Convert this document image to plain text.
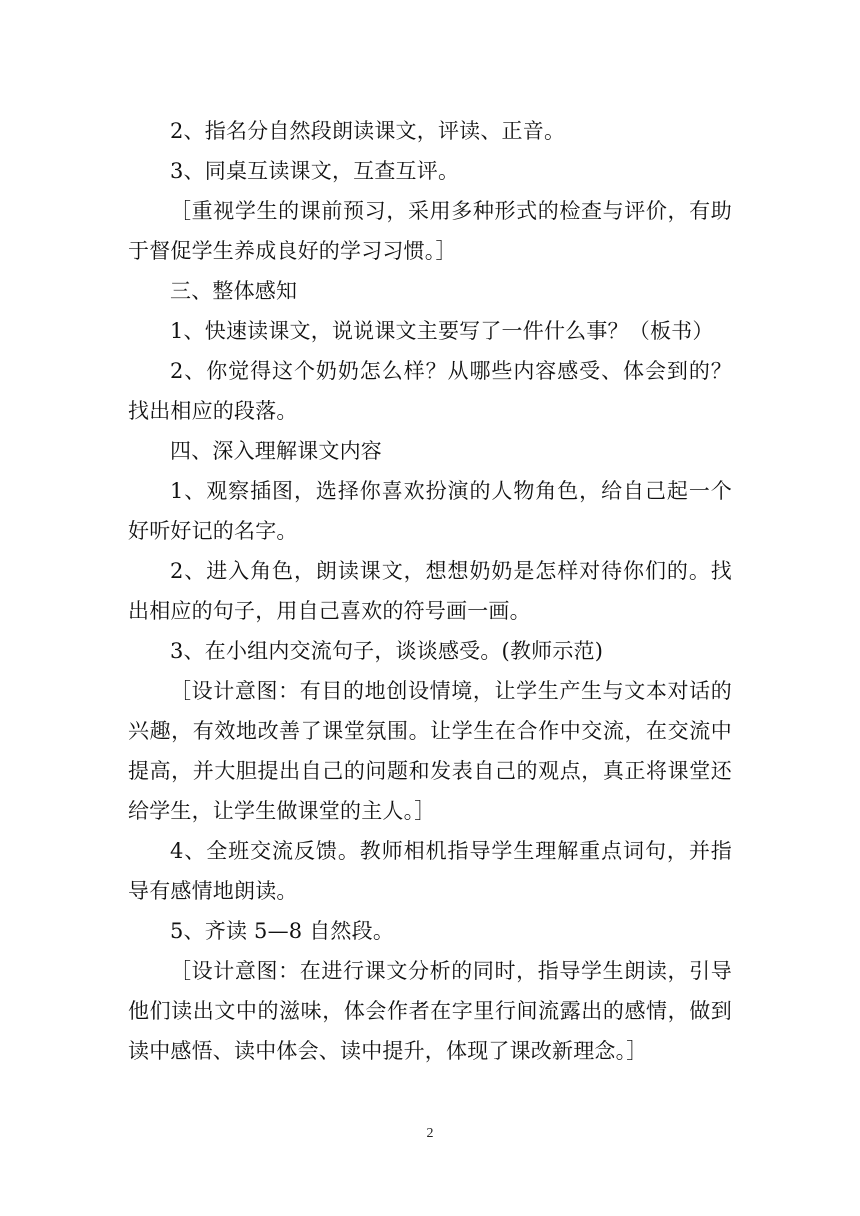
2、指名分自然段朗读课文，评读、正音。

3、同桌互读课文，互查互评。

［重视学生的课前预习，采用多种形式的检查与评价，有助于督促学生养成良好的学习习惯。］

三、整体感知

1、快速读课文，说说课文主要写了一件什么事？（板书）

2、你觉得这个奶奶怎么样？从哪些内容感受、体会到的？找出相应的段落。

四、深入理解课文内容

1、观察插图，选择你喜欢扮演的人物角色，给自己起一个好听好记的名字。

2、进入角色，朗读课文，想想奶奶是怎样对待你们的。找出相应的句子，用自己喜欢的符号画一画。

3、在小组内交流句子，谈谈感受。(教师示范)

［设计意图：有目的地创设情境，让学生产生与文本对话的兴趣，有效地改善了课堂氛围。让学生在合作中交流，在交流中提高，并大胆提出自己的问题和发表自己的观点，真正将课堂还给学生，让学生做课堂的主人。］

4、全班交流反馈。教师相机指导学生理解重点词句，并指导有感情地朗读。

5、齐读 5—8 自然段。

［设计意图：在进行课文分析的同时，指导学生朗读，引导他们读出文中的滋味，体会作者在字里行间流露出的感情，做到读中感悟、读中体会、读中提升，体现了课改新理念。］

2
